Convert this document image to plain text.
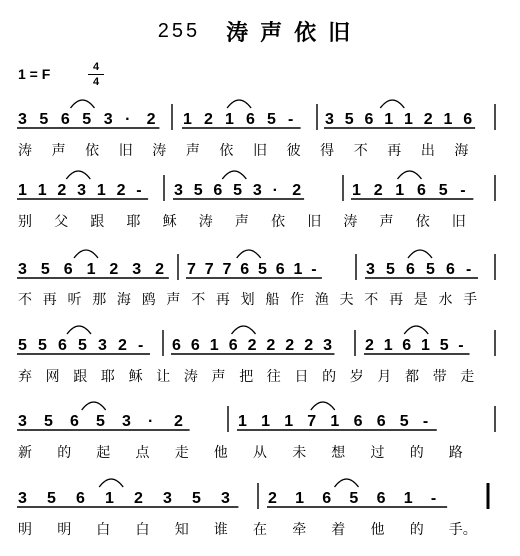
255 涛声依旧
1 = F	4
4
3 5 6 5 3 · 2 1 2 1 6 5 - 3 5 6 1 1 2 1 6
1 1 2 3 1 2 - 3 5 6 5 3 · 2	1 2 1 6 5 -
3 5 6 1 2 3 2 7 7 7 6 5 6 1 -	3 5 6 5 6 -
5 5 6 5 3 2 - 6 6 1 6 2 2 2 2 3 2 1 6 1 5 -
3 5 6 5 3 · 2	1 1 1 7 1 6 6 5 -
3 5 6 1 2 3 5 3 2 1 6 5 6 1 -
涛 声 依 旧 涛 声 依 旧 彼 得 不 再 出 海
别 父 跟 耶 稣 涛 声 依 旧 涛 声 依 旧
不 再 听 那 海 鸥 声 不 再 划 船 作 渔 夫 不 再 是 水 手
弃 网 跟 耶 稣 让 涛 声 把 往 日 的 岁 月 都 带 走
新 的 起 点 走 他 从 未 想 过 的 路
明 明 白 白 知 谁 在 牵 着 他 的 手。
